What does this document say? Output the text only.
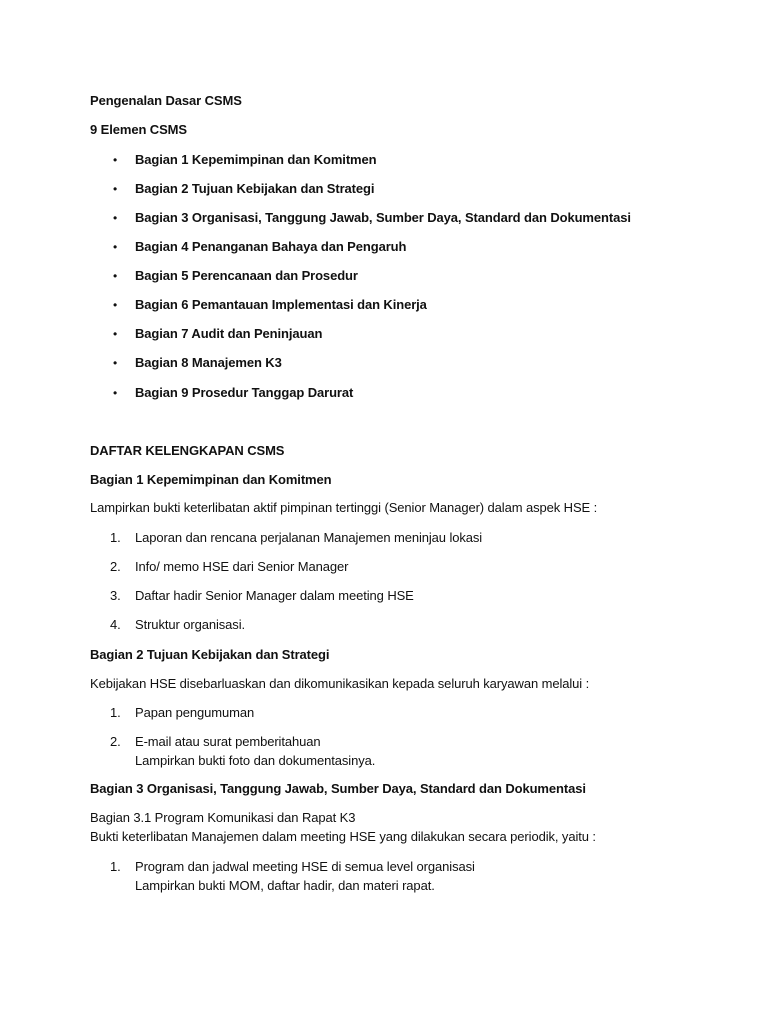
Pengenalan Dasar CSMS
9 Elemen CSMS
• Bagian 1 Kepemimpinan dan Komitmen
• Bagian 2 Tujuan Kebijakan dan Strategi
• Bagian 3 Organisasi, Tanggung Jawab, Sumber Daya, Standard dan Dokumentasi
• Bagian 4 Penanganan Bahaya dan Pengaruh
• Bagian 5 Perencanaan dan Prosedur
• Bagian 6 Pemantauan Implementasi dan Kinerja
• Bagian 7 Audit dan Peninjauan
• Bagian 8 Manajemen K3
• Bagian 9 Prosedur Tanggap Darurat
DAFTAR KELENGKAPAN CSMS
Bagian 1 Kepemimpinan dan Komitmen
Lampirkan bukti keterlibatan aktif pimpinan tertinggi (Senior Manager) dalam aspek HSE :
1. Laporan dan rencana perjalanan Manajemen meninjau lokasi
2. Info/ memo HSE dari Senior Manager
3. Daftar hadir Senior Manager dalam meeting HSE
4. Struktur organisasi.
Bagian 2 Tujuan Kebijakan dan Strategi
Kebijakan HSE disebarluaskan dan dikomunikasikan kepada seluruh karyawan melalui :
1. Papan pengumuman
2. E-mail atau surat pemberitahuan
Lampirkan bukti foto dan dokumentasinya.
Bagian 3 Organisasi, Tanggung Jawab, Sumber Daya, Standard dan Dokumentasi
Bagian 3.1 Program Komunikasi dan Rapat K3
Bukti keterlibatan Manajemen dalam meeting HSE yang dilakukan secara periodik, yaitu :
1. Program dan jadwal meeting HSE di semua level organisasi
Lampirkan bukti MOM, daftar hadir, dan materi rapat.
